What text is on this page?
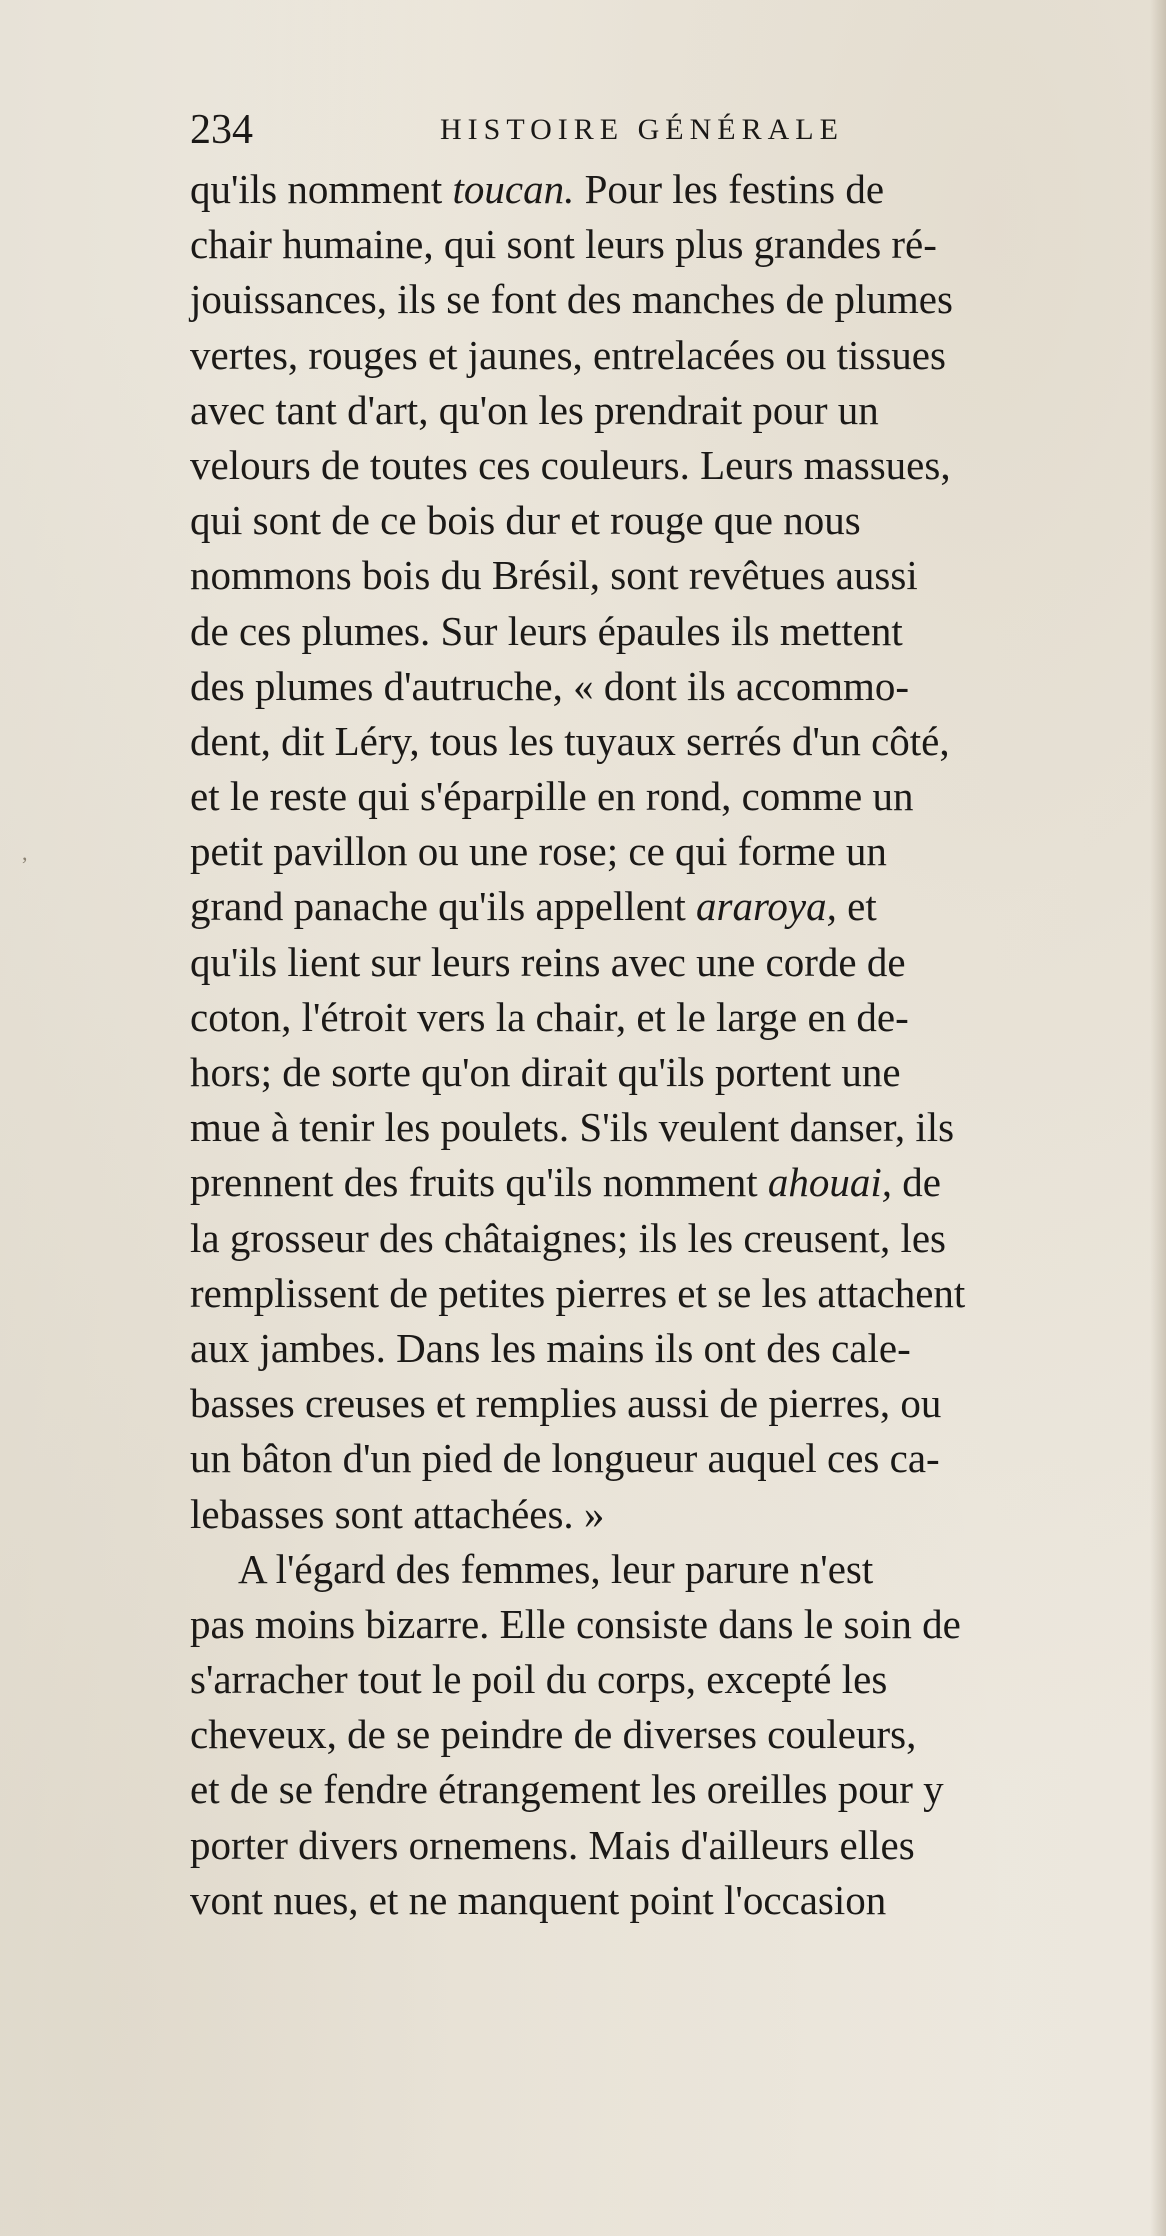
234	HISTOIRE GÉNÉRALE
qu'ils nomment toucan. Pour les festins de
chair humaine, qui sont leurs plus grandes ré-
jouissances, ils se font des manches de plumes
vertes, rouges et jaunes, entrelacées ou tissues
avec tant d'art, qu'on les prendrait pour un
velours de toutes ces couleurs. Leurs massues,
qui sont de ce bois dur et rouge que nous
nommons bois du Brésil, sont revêtues aussi
de ces plumes. Sur leurs épaules ils mettent
des plumes d'autruche, « dont ils accommo-
dent, dit Léry, tous les tuyaux serrés d'un côté,
et le reste qui s'éparpille en rond, comme un
petit pavillon ou une rose; ce qui forme un
grand panache qu'ils appellent araroya, et
qu'ils lient sur leurs reins avec une corde de
coton, l'étroit vers la chair, et le large en de-
hors; de sorte qu'on dirait qu'ils portent une
mue à tenir les poulets. S'ils veulent danser, ils
prennent des fruits qu'ils nomment ahouai, de
la grosseur des châtaignes; ils les creusent, les
remplissent de petites pierres et se les attachent
aux jambes. Dans les mains ils ont des cale-
basses creuses et remplies aussi de pierres, ou
un bâton d'un pied de longueur auquel ces ca-
lebasses sont attachées. »
A l'égard des femmes, leur parure n'est
pas moins bizarre. Elle consiste dans le soin de
s'arracher tout le poil du corps, excepté les
cheveux, de se peindre de diverses couleurs,
et de se fendre étrangement les oreilles pour y
porter divers ornemens. Mais d'ailleurs elles
vont nues, et ne manquent point l'occasion
,
